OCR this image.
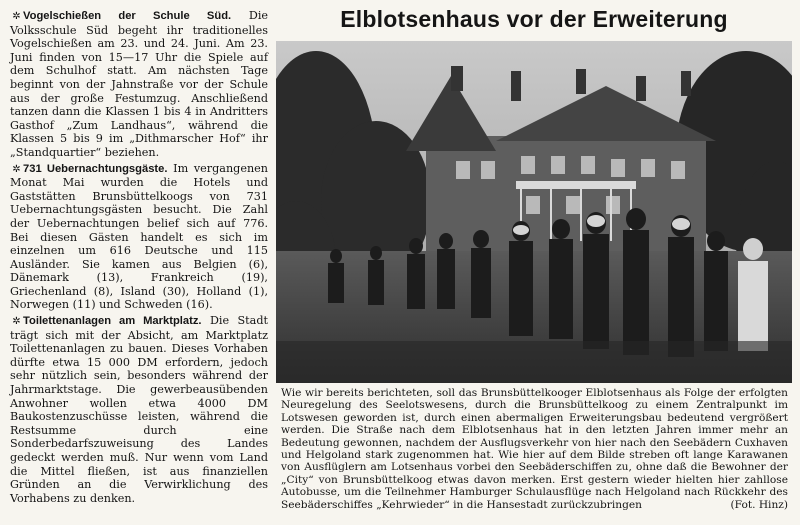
✲ Vogelschießen der Schule Süd. Die Volksschule Süd begeht ihr traditionelles Vogelschießen am 23. und 24. Juni. Am 23. Juni finden von 15—17 Uhr die Spiele auf dem Schulhof statt. Am nächsten Tage beginnt von der Jahnstraße vor der Schule aus der große Festumzug. Anschließend tanzen dann die Klassen 1 bis 4 in Andritters Gasthof „Zum Landhaus“, während die Klassen 5 bis 9 im „Dithmarscher Hof“ ihr „Standquartier“ beziehen.

✲ 731 Uebernachtungsgäste. Im vergangenen Monat Mai wurden die Hotels und Gaststätten Brunsbüttelkoogs von 731 Uebernachtungsgästen besucht. Die Zahl der Uebernachtungen belief sich auf 776. Bei diesen Gästen handelt es sich im einzelnen um 616 Deutsche und 115 Ausländer. Sie kamen aus Belgien (6), Dänemark (13), Frankreich (19), Griechenland (8), Island (30), Holland (1), Norwegen (11) und Schweden (16).

✲ Toilettenanlagen am Marktplatz. Die Stadt trägt sich mit der Absicht, am Marktplatz Toilettenanlagen zu bauen. Dieses Vorhaben dürfte etwa 15 000 DM erfordern, jedoch sehr nützlich sein, besonders während der Jahrmarktstage. Die gewerbeausübenden Anwohner wollen etwa 4000 DM Baukostenzuschüsse leisten, während die Restsumme durch eine Sonderbedarfszuweisung des Landes gedeckt werden muß. Nur wenn vom Land die Mittel fließen, ist aus finanziellen Gründen an die Verwirklichung des Vorhabens zu denken.

Elblotsenhaus vor der Erweiterung
Wie wir bereits berichteten, soll das Brunsbüttelkooger Elblotsenhaus als Folge der erfolgten Neuregelung des Seelotswesens, durch die Brunsbüttelkoog zu einem Zentralpunkt im Lotswesen geworden ist, durch einen abermaligen Erweiterungsbau bedeutend vergrößert werden. Die Straße nach dem Elblotsenhaus hat in den letzten Jahren immer mehr an Bedeutung gewonnen, nachdem der Ausflugsverkehr von hier nach den Seebädern Cuxhaven und Helgoland stark zugenommen hat. Wie hier auf dem Bilde streben oft lange Karawanen von Ausflüglern am Lotsenhaus vorbei den Seebäderschiffen zu, ohne daß die Bewohner der „City“ von Brunsbüttelkoog etwas davon merken. Erst gestern wieder hielten hier zahllose Autobusse, um die Teilnehmer Hamburger Schulausflüge nach Helgoland nach Rückkehr des Seebäderschiffes „Kehrwieder“ in die Hansestadt zurückzubringen	(Fot. Hinz)
